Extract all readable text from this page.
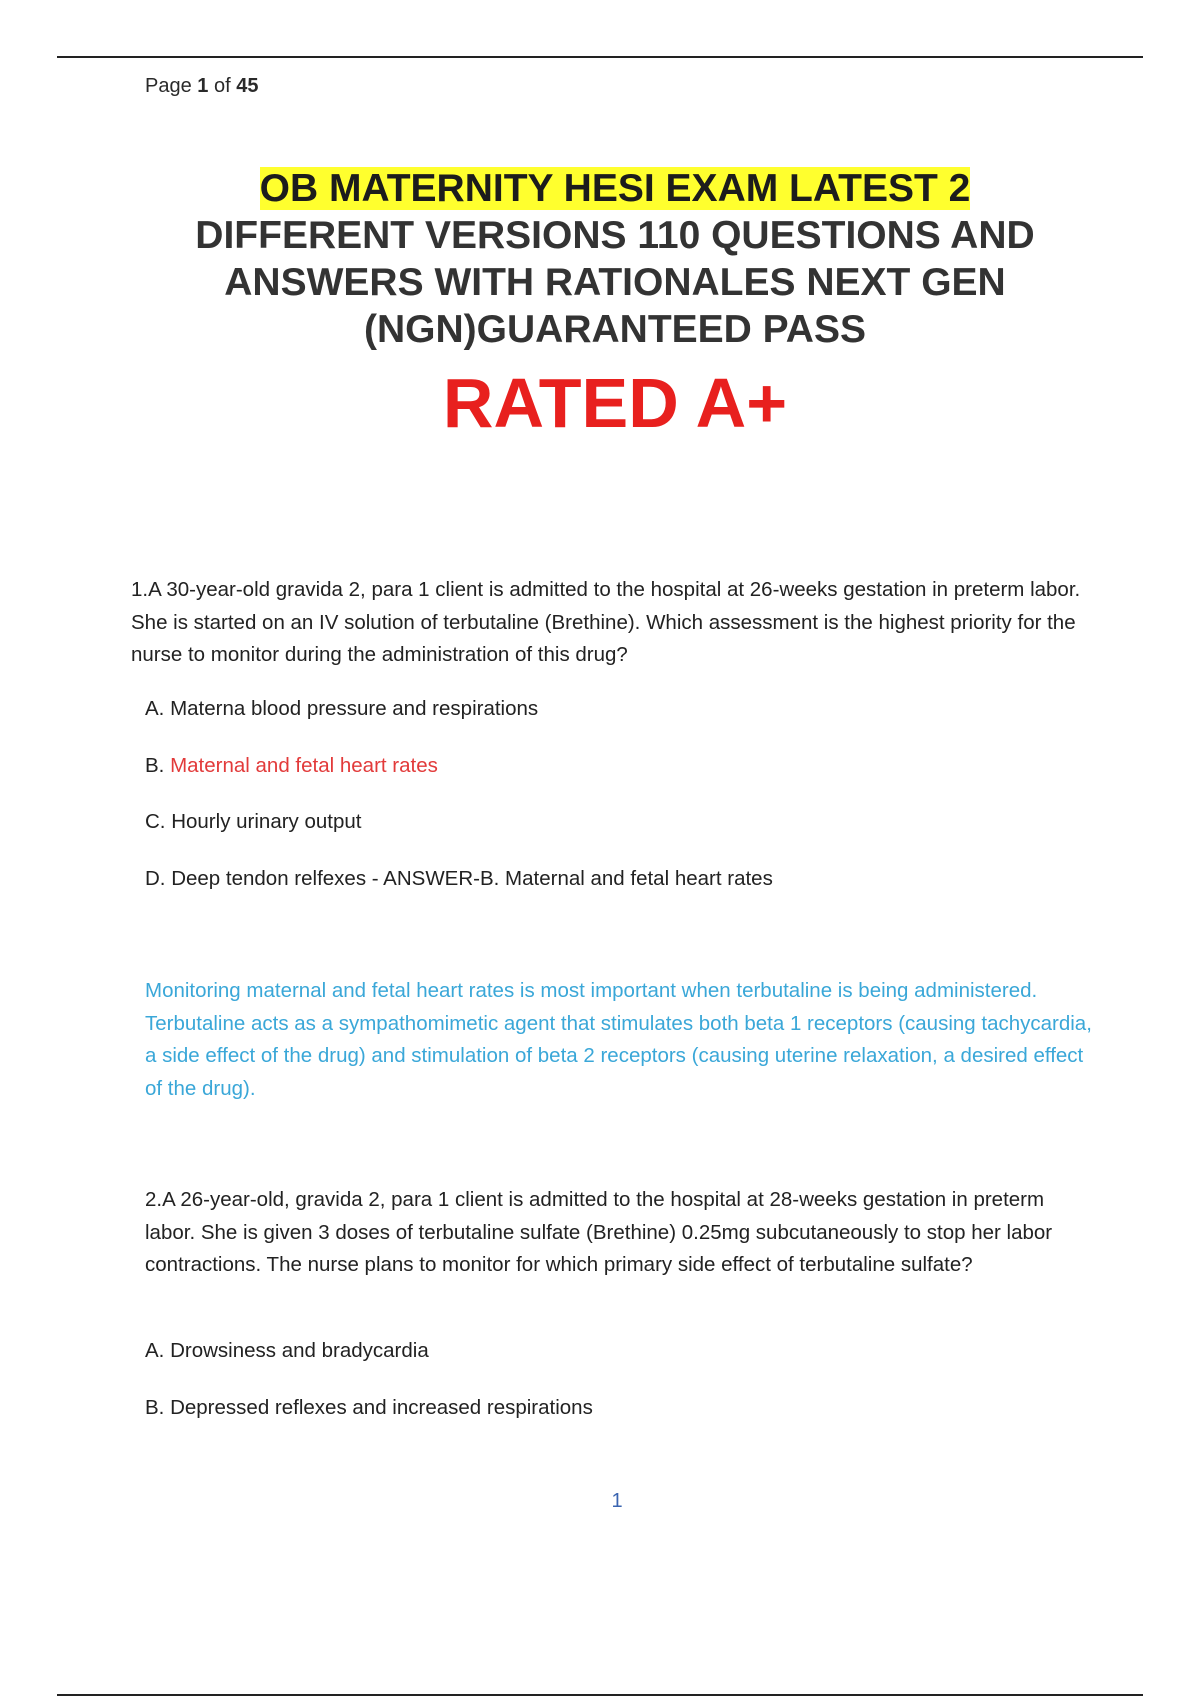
Page 1 of 45
OB MATERNITY HESI EXAM LATEST 2
DIFFERENT VERSIONS 110 QUESTIONS AND ANSWERS WITH RATIONALES NEXT GEN (NGN)GUARANTEED PASS
RATED A+
1.A 30-year-old gravida 2, para 1 client is admitted to the hospital at 26-weeks gestation in preterm labor. She is started on an IV solution of terbutaline (Brethine). Which assessment is the highest priority for the nurse to monitor during the administration of this drug?
A. Materna blood pressure and respirations
B. Maternal and fetal heart rates
C. Hourly urinary output
D. Deep tendon relfexes - ANSWER-B. Maternal and fetal heart rates
Monitoring maternal and fetal heart rates is most important when terbutaline is being administered. Terbutaline acts as a sympathomimetic agent that stimulates both beta 1 receptors (causing tachycardia, a side effect of the drug) and stimulation of beta 2 receptors (causing uterine relaxation, a desired effect of the drug).
2.A 26-year-old, gravida 2, para 1 client is admitted to the hospital at 28-weeks gestation in preterm labor. She is given 3 doses of terbutaline sulfate (Brethine) 0.25mg subcutaneously to stop her labor contractions. The nurse plans to monitor for which primary side effect of terbutaline sulfate?
A. Drowsiness and bradycardia
B. Depressed reflexes and increased respirations
1
